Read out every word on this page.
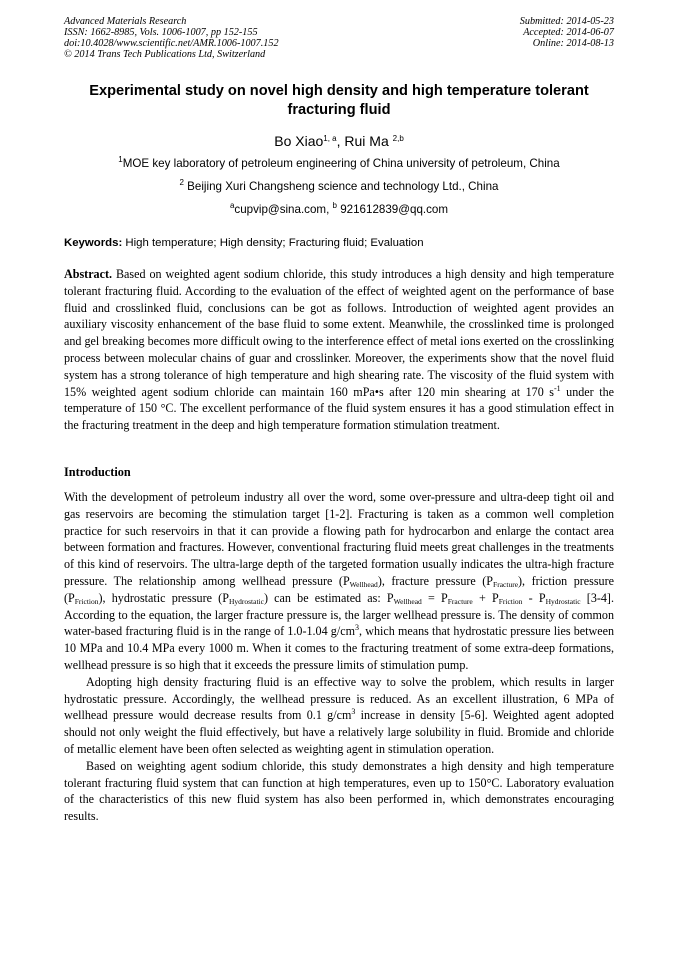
Advanced Materials Research
ISSN: 1662-8985, Vols. 1006-1007, pp 152-155
doi:10.4028/www.scientific.net/AMR.1006-1007.152
© 2014 Trans Tech Publications Ltd, Switzerland
Submitted: 2014-05-23
Accepted: 2014-06-07
Online: 2014-08-13
Experimental study on novel high density and high temperature tolerant
fracturing fluid
Bo Xiao$^{1, a}$, Rui Ma $^{2,b}$
$^1$MOE key laboratory of petroleum engineering of China university of petroleum, China
$^2$ Beijing Xuri Changsheng science and technology Ltd., China
$^a$cupvip@sina.com, $^b$ 921612839@qq.com
Keywords: High temperature; High density; Fracturing fluid; Evaluation
Abstract. Based on weighted agent sodium chloride, this study introduces a high density and high temperature tolerant fracturing fluid. According to the evaluation of the effect of weighted agent on the performance of base fluid and crosslinked fluid, conclusions can be got as follows. Introduction of weighted agent provides an auxiliary viscosity enhancement of the base fluid to some extent. Meanwhile, the crosslinked time is prolonged and gel breaking becomes more difficult owing to the interference effect of metal ions exerted on the crosslinking process between molecular chains of guar and crosslinker. Moreover, the experiments show that the novel fluid system has a strong tolerance of high temperature and high shearing rate. The viscosity of the fluid system with 15% weighted agent sodium chloride can maintain 160 mPa•s after 120 min shearing at 170 $s^{-1}$ under the temperature of 150 °C. The excellent performance of the fluid system ensures it has a good stimulation effect in the fracturing treatment in the deep and high temperature formation stimulation treatment.
Introduction

With the development of petroleum industry all over the word, some over-pressure and ultra-deep tight oil and gas reservoirs are becoming the stimulation target [1-2]. Fracturing is taken as a common well completion practice for such reservoirs in that it can provide a flowing path for hydrocarbon and enlarge the contact area between formation and fractures. However, conventional fracturing fluid meets great challenges in the treatments of this kind of reservoirs. The ultra-large depth of the targeted formation usually indicates the ultra-high fracture pressure. The relationship among wellhead pressure $(P_{Wellhead})$, fracture pressure $(P_{Fracture})$, friction pressure $(P_{Friction})$, hydrostatic pressure $(P_{Hydrostatic})$ can be estimated as: $P_{Wellhead} = P_{Fracture} + P_{Friction} - P_{Hydrostatic}$ [3-4]. According to the equation, the larger fracture pressure is, the larger wellhead pressure is. The density of common water-based fracturing fluid is in the range of 1.0-1.04 $g/cm^3$, which means that hydrostatic pressure lies between 10 MPa and 10.4 MPa every 1000 m. When it comes to the fracturing treatment of some extra-deep formations, wellhead pressure is so high that it exceeds the pressure limits of stimulation pump.

Adopting high density fracturing fluid is an effective way to solve the problem, which results in larger hydrostatic pressure. Accordingly, the wellhead pressure is reduced. As an excellent illustration, 6 MPa of wellhead pressure would decrease results from 0.1 $g/cm^3$ increase in density [5-6]. Weighted agent adopted should not only weight the fluid effectively, but have a relatively large solubility in fluid. Bromide and chloride of metallic element have been often selected as weighting agent in stimulation operation.

Based on weighting agent sodium chloride, this study demonstrates a high density and high temperature tolerant fracturing fluid system that can function at high temperatures, even up to 150°C. Laboratory evaluation of the characteristics of this new fluid system has also been performed in, which demonstrates encouraging results.
